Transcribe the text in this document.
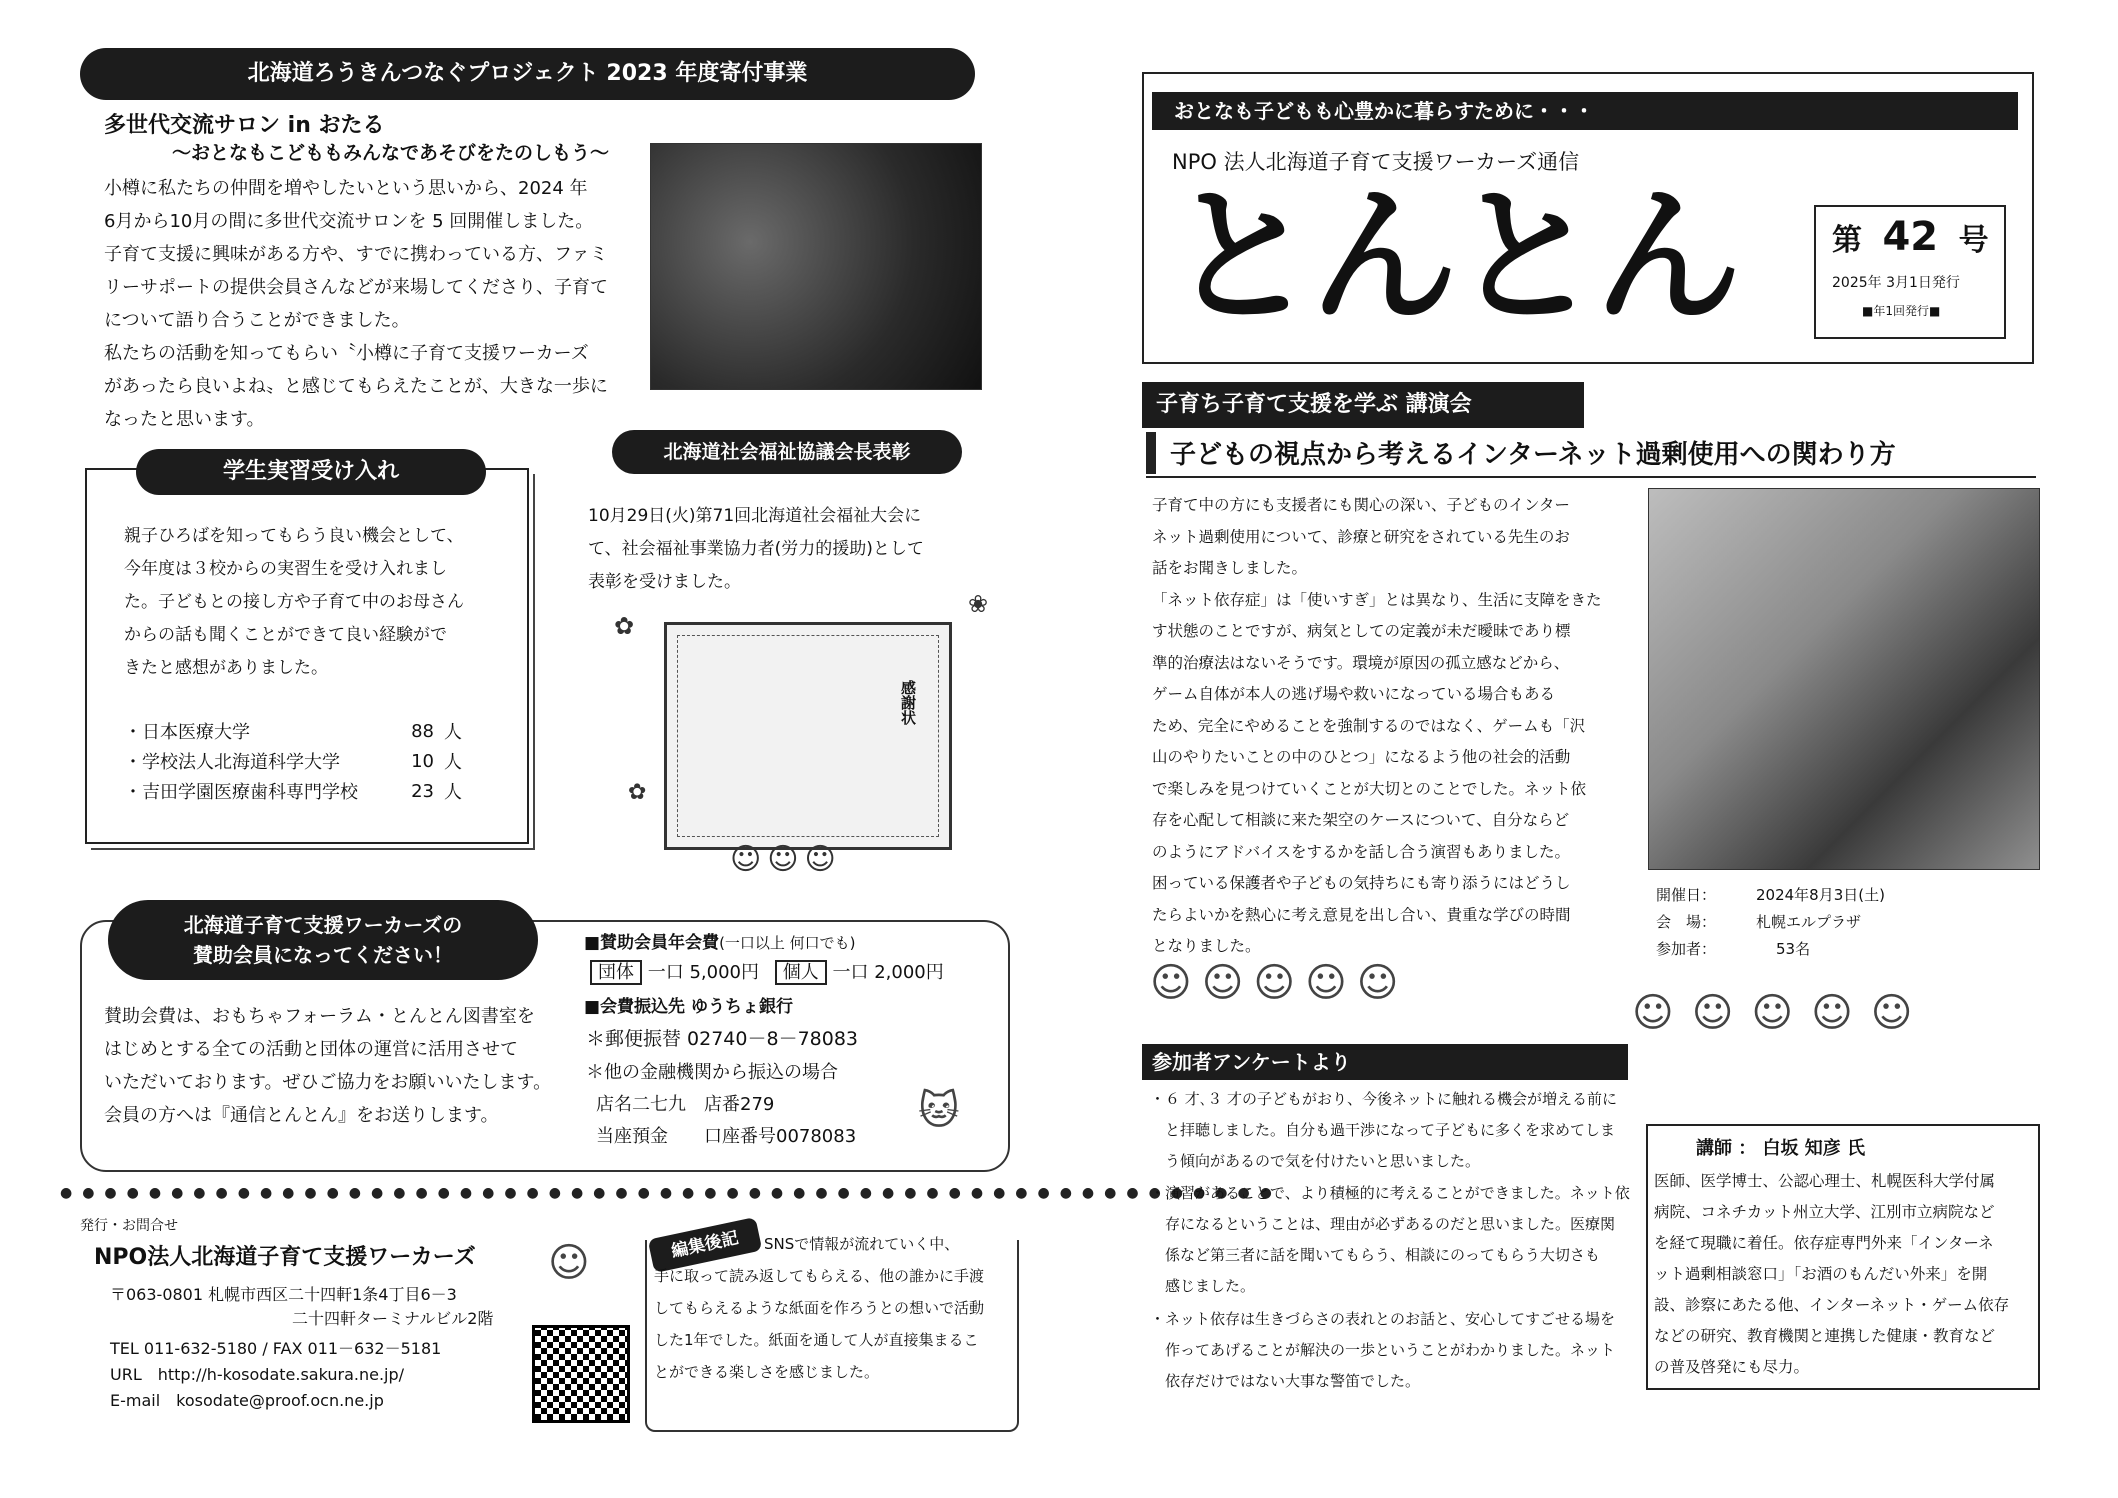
北海道ろうきんつなぐプロジェクト 2023 年度寄付事業
多世代交流サロン in おたる
～おとなもこどももみんなであそびをたのしもう～
小樽に私たちの仲間を増やしたいという思いから、2024 年
6月から10月の間に多世代交流サロンを 5 回開催しました。
子育て支援に興味がある方や、すでに携わっている方、ファミ
リーサポートの提供会員さんなどが来場してくださり、子育て
について語り合うことができました。
私たちの活動を知ってもらい〝小樽に子育て支援ワーカーズ
があったら良いよね〟と感じてもらえたことが、大きな一歩に
なったと思います。
学生実習受け入れ
親子ひろばを知ってもらう良い機会として、
今年度は３校からの実習生を受け入れまし
た。子どもとの接し方や子育て中のお母さん
からの話も聞くことができて良い経験がで
きたと感想がありました。
・日本医療大学	88	人
・学校法人北海道科学大学	10	人
・吉田学園医療歯科専門学校	23	人
北海道社会福祉協議会長表彰
10月29日(火)第71回北海道社会福祉大会に
て、社会福祉事業協力者(労力的援助)として
表彰を受けました。
感謝状
✿
❀
✿
☺☺☺
北海道子育て支援ワーカーズの
賛助会員になってください！
賛助会費は、おもちゃフォーラム・とんとん図書室を
はじめとする全ての活動と団体の運営に活用させて
いただいております。ぜひご協力をお願いいたします。
会員の方へは『通信とんとん』をお送りします。
■賛助会員年会費(一口以上 何口でも)
団体 一口 5,000円 個人 一口 2,000円
■会費振込先 ゆうちょ銀行
＊郵便振替 02740－8－78083
＊他の金融機関から振込の場合
店名二七九　店番279
当座預金　　口座番号0078083
🐱
●●●●●●●●●●●●●●●●●●●●●●●●●●●●●●●●●●●●●●●●●●●●●●●●●●●●●●●
発行・お問合せ
NPO法人北海道子育て支援ワーカーズ
〒063-0801 札幌市西区二十四軒1条4丁目6－3
二十四軒ターミナルビル2階
TEL 011-632-5180 / FAX 011－632－5181
URL　http://h-kosodate.sakura.ne.jp/
E-mail　kosodate@proof.ocn.ne.jp
☺	編集後記	SNSで情報が流れていく中、
手に取って読み返してもらえる、他の誰かに手渡
してもらえるような紙面を作ろうとの想いで活動
した1年でした。紙面を通して人が直接集まるこ
とができる楽しさを感じました。
おとなも子どもも心豊かに暮らすために・・・
NPO 法人北海道子育て支援ワーカーズ通信
とんとん	第 42 号
2025年 3月1日発行
■年1回発行■
子育ち子育て支援を学ぶ 講演会
子どもの視点から考えるインターネット過剰使用への関わり方
子育て中の方にも支援者にも関心の深い、子どものインター
ネット過剰使用について、診療と研究をされている先生のお
話をお聞きしました。
「ネット依存症」は「使いすぎ」とは異なり、生活に支障をきた
す状態のことですが、病気としての定義が未だ曖昧であり標
準的治療法はないそうです。環境が原因の孤立感などから、
ゲーム自体が本人の逃げ場や救いになっている場合もある
ため、完全にやめることを強制するのではなく、ゲームも「沢
山のやりたいことの中のひとつ」になるよう他の社会的活動
で楽しみを見つけていくことが大切とのことでした。ネット依
存を心配して相談に来た架空のケースについて、自分ならど
のようにアドバイスをするかを話し合う演習もありました。
困っている保護者や子どもの気持ちにも寄り添うにはどうし
たらよいかを熱心に考え意見を出し合い、貴重な学びの時間
となりました。
開催日：	2024年8月3日(土)
会　場：	札幌エルプラザ
参加者：	53名
☺☺☺☺☺
☺☺☺☺☺
参加者アンケートより
・６ 才､３ 才の子どもがおり、今後ネットに触れる機会が増える前に
　と拝聴しました。自分も過干渉になって子どもに多くを求めてしま
　う傾向があるので気を付けたいと思いました。
・演習があることで、より積極的に考えることができました。ネット依
　存になるということは、理由が必ずあるのだと思いました。医療関
　係など第三者に話を聞いてもらう、相談にのってもらう大切さも
　感じました。
・ネット依存は生きづらさの表れとのお話と、安心してすごせる場を
　作ってあげることが解決の一歩ということがわかりました。ネット
　依存だけではない大事な警笛でした。
講師 ： 白坂 知彦 氏
医師、医学博士、公認心理士、札幌医科大学付属
病院、コネチカット州立大学、江別市立病院など
を経て現職に着任。依存症専門外来「インターネ
ット過剰相談窓口」「お酒のもんだい外来」を開
設、診察にあたる他、インターネット・ゲーム依存
などの研究、教育機関と連携した健康・教育など
の普及啓発にも尽力。
